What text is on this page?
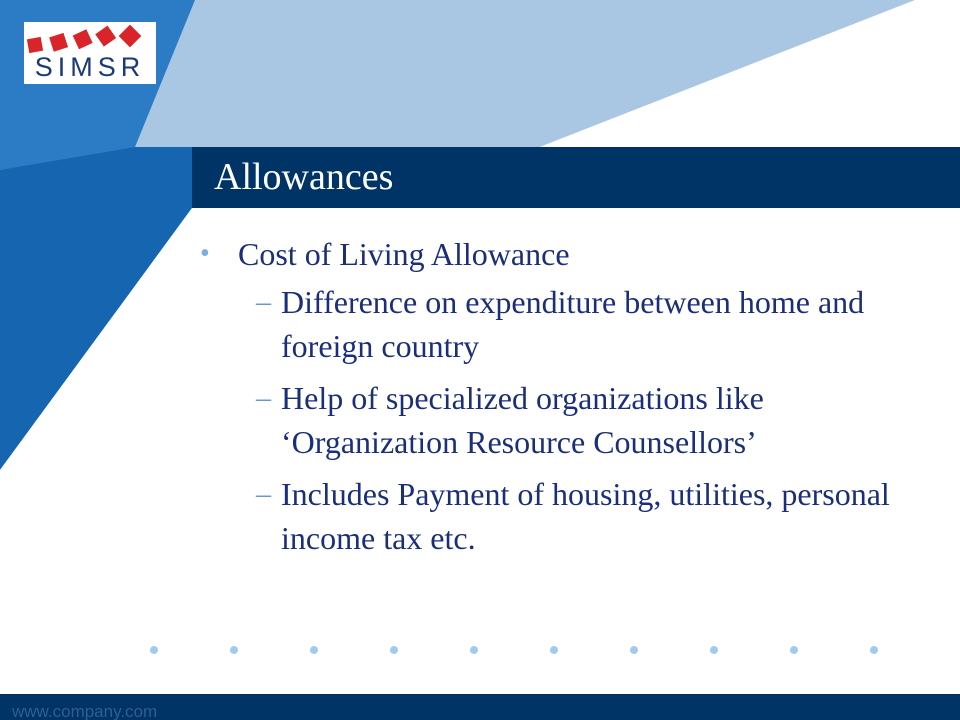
SIMSR
Allowances
• Cost of Living Allowance
– Difference on expenditure between home and foreign country
– Help of specialized organizations like ‘Organization Resource Counsellors’
– Includes Payment of housing, utilities, personal income tax etc.
www.company.com
